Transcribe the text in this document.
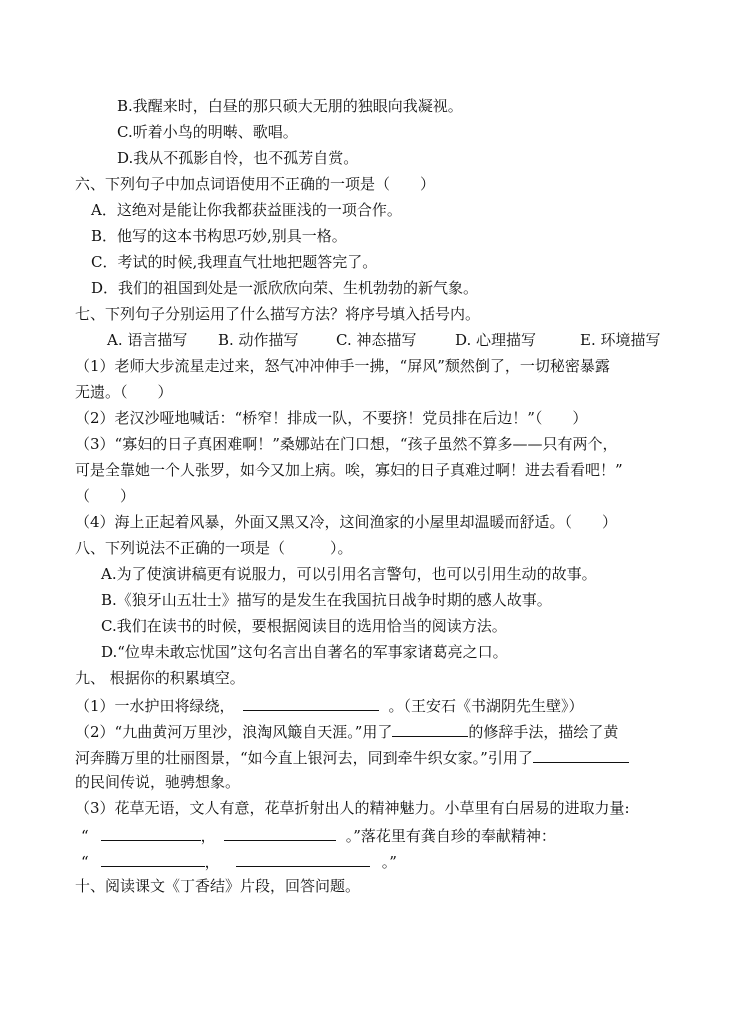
B.我醒来时，白昼的那只硕大无朋的独眼向我凝视。
C.听着小鸟的明啭、歌唱。
D.我从不孤影自怜，也不孤芳自赏。
六、下列句子中加点词语使用不正确的一项是（　　）
A．这绝对是能让你我都获益匪浅的一项合作。
B．他写的这本书构思巧妙,别具一格。
C．考试的时候,我理直气壮地把题答完了。
D．我们的祖国到处是一派欣欣向荣、生机勃勃的新气象。
七、下列句子分别运用了什么描写方法？将序号填入括号内。
A. 语言描写 B. 动作描写 C. 神态描写	D. 心理描写	E. 环境描写
（1）老师大步流星走过来，怒气冲冲伸手一拂，“屏风”颓然倒了，一切秘密暴露
无遗。（　　）
（2）老汉沙哑地喊话：“桥窄！排成一队，不要挤！党员排在后边！”（　　）
（3）“寡妇的日子真困难啊！”桑娜站在门口想，“孩子虽然不算多——只有两个，
可是全靠她一个人张罗，如今又加上病。唉，寡妇的日子真难过啊！进去看看吧！”
（　　）
（4）海上正起着风暴，外面又黑又冷，这间渔家的小屋里却温暖而舒适。（　　）
八、下列说法不正确的一项是（　　　）。
A.为了使演讲稿更有说服力，可以引用名言警句，也可以引用生动的故事。
B.《狼牙山五壮士》描写的是发生在我国抗日战争时期的感人故事。
C.我们在读书的时候，要根据阅读目的选用恰当的阅读方法。
D.“位卑未敢忘忧国”这句名言出自著名的军事家诸葛亮之口。
九、 根据你的积累填空。
（1）一水护田将绿绕，	。（王安石《书湖阴先生壁》）
（2）“九曲黄河万里沙，浪淘风簸自天涯。”用了	的修辞手法，描绘了黄
河奔腾万里的壮丽图景，“如今直上银河去，同到牵牛织女家。”引用了
的民间传说，驰骋想象。
（3）花草无语，文人有意，花草折射出人的精神魅力。小草里有白居易的进取力量:
“	，	。”落花里有龚自珍的奉献精神：
“	，	。”
十、阅读课文《丁香结》片段，回答问题。
